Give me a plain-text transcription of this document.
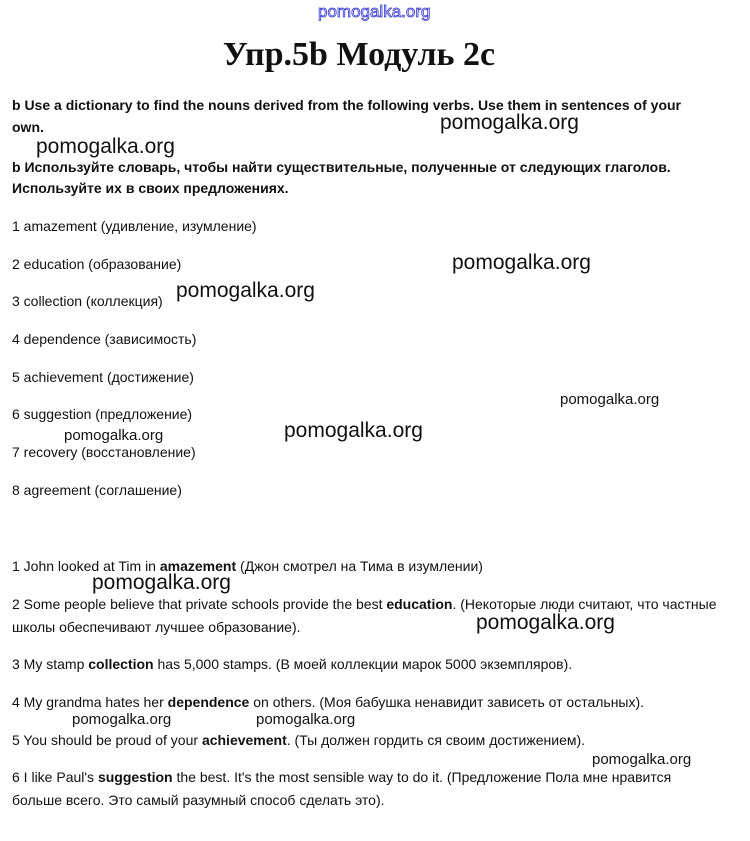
pomogalka.org
Упр.5b Модуль 2c
b Use a dictionary to find the nouns derived from the following verbs. Use them in sentences of your
own.
b Используйте словарь, чтобы найти существительные, полученные от следующих глаголов.
Используйте их в своих предложениях.
1 amazement (удивление, изумление)
2 education (образование)
3 collection (коллекция)
4 dependence (зависимость)
5 achievement (достижение)
6 suggestion (предложение)
7 recovery (восстановление)
8 agreement (соглашение)
1 John looked at Tim in amazement (Джон смотрел на Тима в изумлении)
2 Some people believe that private schools provide the best education. (Некоторые люди считают, что частные школы обеспечивают лучшее образование).
3 My stamp collection has 5,000 stamps. (В моей коллекции марок 5000 экземпляров).
4 My grandma hates her dependence on others. (Моя бабушка ненавидит зависеть от остальных).
5 You should be proud of your achievement. (Ты должен гордить ся своим достижением).
6 I like Paul's suggestion the best. It's the most sensible way to do it. (Предложение Пола мне нравится больше всего. Это самый разумный способ сделать это).
pomogalka.org
pomogalka.org
pomogalka.org
pomogalka.org
pomogalka.org
pomogalka.org	pomogalka.org
pomogalka.org
pomogalka.org
pomogalka.org	pomogalka.org
pomogalka.org
